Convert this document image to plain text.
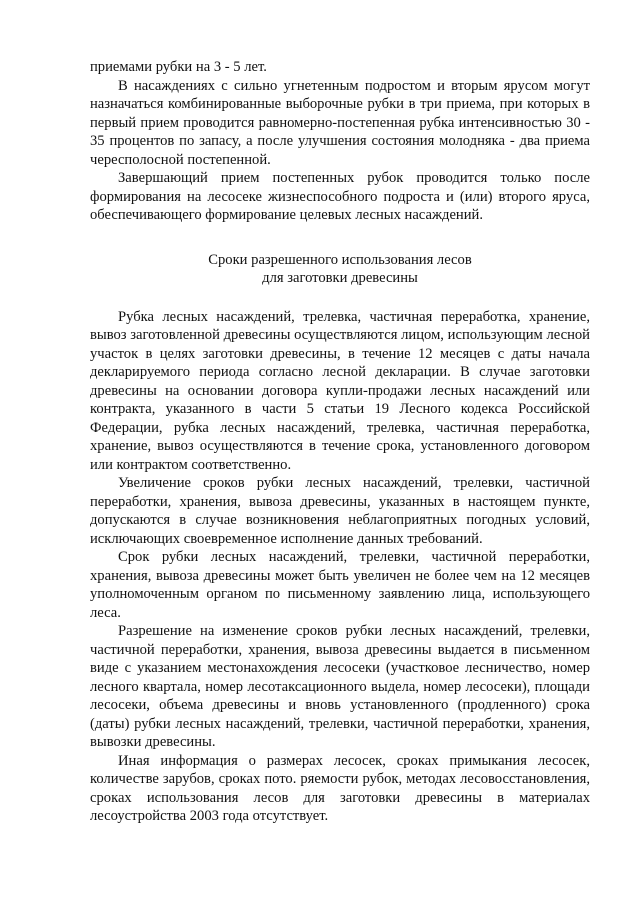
приемами рубки на 3 - 5 лет.

В насаждениях с сильно угнетенным подростом и вторым ярусом могут назначаться комбинированные выборочные рубки в три приема, при которых в первый прием проводится равномерно-постепенная рубка интенсивностью 30 - 35 процентов по запасу, а после улучшения состояния молодняка - два приема чересполосной постепенной.

Завершающий прием постепенных рубок проводится только после формирования на лесосеке жизнеспособного подроста и (или) второго яруса, обеспечивающего формирование целевых лесных насаждений.

Сроки разрешенного использования лесов
для заготовки древесины

Рубка лесных насаждений, трелевка, частичная переработка, хранение, вывоз заготовленной древесины осуществляются лицом, использующим лесной участок в целях заготовки древесины, в течение 12 месяцев с даты начала декларируемого периода согласно лесной декларации. В случае заготовки древесины на основании договора купли-продажи лесных насаждений или контракта, указанного в части 5 статьи 19 Лесного кодекса Российской Федерации, рубка лесных насаждений, трелевка, частичная переработка, хранение, вывоз осуществляются в течение срока, установленного договором или контрактом соответственно.

Увеличение сроков рубки лесных насаждений, трелевки, частичной переработки, хранения, вывоза древесины, указанных в настоящем пункте, допускаются в случае возникновения неблагоприятных погодных условий, исключающих своевременное исполнение данных требований.

Срок рубки лесных насаждений, трелевки, частичной переработки, хранения, вывоза древесины может быть увеличен не более чем на 12 месяцев уполномоченным органом по письменному заявлению лица, использующего леса.

Разрешение на изменение сроков рубки лесных насаждений, трелевки, частичной переработки, хранения, вывоза древесины выдается в письменном виде с указанием местонахождения лесосеки (участковое лесничество, номер лесного квартала, номер лесотаксационного выдела, номер лесосеки), площади лесосеки, объема древесины и вновь установленного (продленного) срока (даты) рубки лесных насаждений, трелевки, частичной переработки, хранения, вывозки древесины.

Иная информация о размерах лесосек, сроках примыкания лесосек, количестве зарубов, сроках пото. ряемости рубок, методах лесовосстановления, сроках использования лесов для заготовки древесины в материалах лесоустройства 2003 года отсутствует.
